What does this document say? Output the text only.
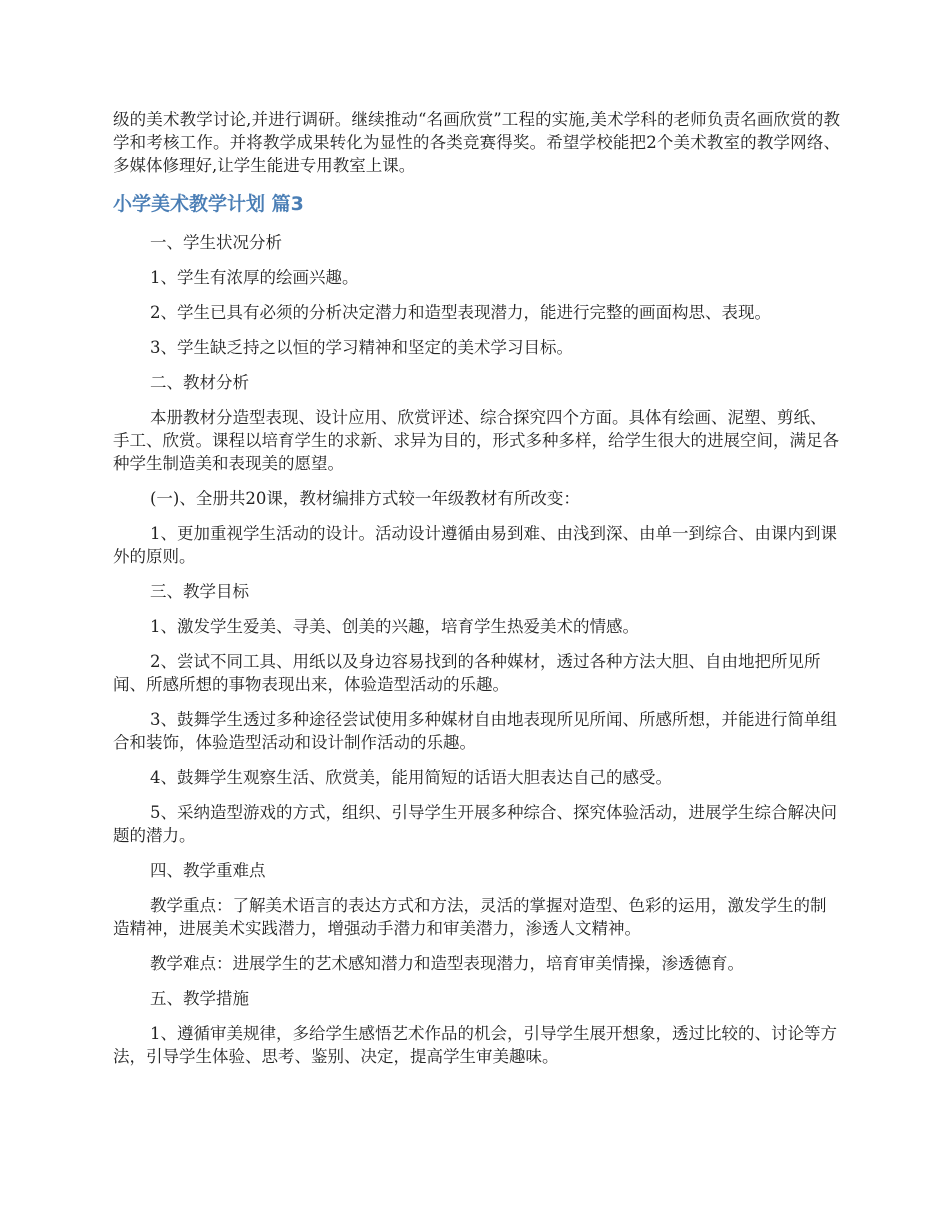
级的美术教学讨论,并进行调研。继续推动“名画欣赏”工程的实施,美术学科的老师负责名画欣赏的教学和考核工作。并将教学成果转化为显性的各类竞赛得奖。希望学校能把2个美术教室的教学网络、多媒体修理好,让学生能进专用教室上课。

小学美术教学计划 篇3

一、学生状况分析

1、学生有浓厚的绘画兴趣。

2、学生已具有必须的分析决定潜力和造型表现潜力，能进行完整的画面构思、表现。

3、学生缺乏持之以恒的学习精神和坚定的美术学习目标。

二、教材分析

本册教材分造型表现、设计应用、欣赏评述、综合探究四个方面。具体有绘画、泥塑、剪纸、手工、欣赏。课程以培育学生的求新、求异为目的，形式多种多样，给学生很大的进展空间，满足各种学生制造美和表现美的愿望。

(一)、全册共20课，教材编排方式较一年级教材有所改变：

1、更加重视学生活动的设计。活动设计遵循由易到难、由浅到深、由单一到综合、由课内到课外的原则。

三、教学目标

1、激发学生爱美、寻美、创美的兴趣，培育学生热爱美术的情感。

2、尝试不同工具、用纸以及身边容易找到的各种媒材，透过各种方法大胆、自由地把所见所闻、所感所想的事物表现出来，体验造型活动的乐趣。

3、鼓舞学生透过多种途径尝试使用多种媒材自由地表现所见所闻、所感所想，并能进行简单组合和装饰，体验造型活动和设计制作活动的乐趣。

4、鼓舞学生观察生活、欣赏美，能用简短的话语大胆表达自己的感受。

5、采纳造型游戏的方式，组织、引导学生开展多种综合、探究体验活动，进展学生综合解决问题的潜力。

四、教学重难点

教学重点：了解美术语言的表达方式和方法，灵活的掌握对造型、色彩的运用，激发学生的制造精神，进展美术实践潜力，增强动手潜力和审美潜力，渗透人文精神。

教学难点：进展学生的艺术感知潜力和造型表现潜力，培育审美情操，渗透德育。

五、教学措施

1、遵循审美规律，多给学生感悟艺术作品的机会，引导学生展开想象，透过比较的、讨论等方法，引导学生体验、思考、鉴别、决定，提高学生审美趣味。
